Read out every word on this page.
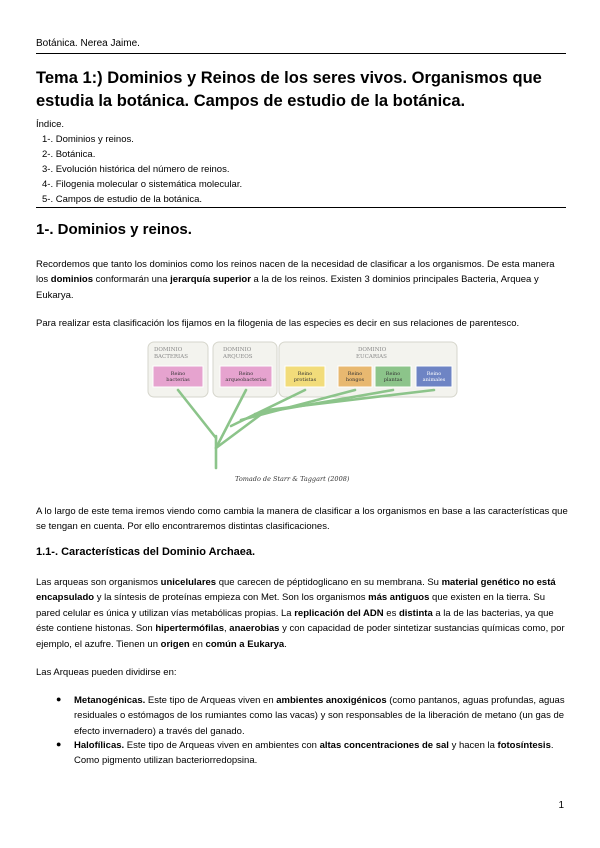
Botánica. Nerea Jaime.
Tema 1:) Dominios y Reinos de los seres vivos. Organismos que estudia la botánica. Campos de estudio de la botánica.
Índice.
1-. Dominios y reinos.
2-. Botánica.
3-. Evolución histórica del número de reinos.
4-. Filogenia molecular o sistemática molecular.
5-. Campos de estudio de la botánica.
1-. Dominios y reinos.
Recordemos que tanto los dominios como los reinos nacen de la necesidad de clasificar a los organismos. De esta manera los dominios conformarán una jerarquía superior a la de los reinos. Existen 3 dominios principales Bacteria, Arquea y Eukarya.
Para realizar esta clasificación los fijamos en la filogenia de las especies es decir en sus relaciones de parentesco.
DOMINIO
BACTERIAS
DOMINIO
ARQUEOS
DOMINIO
EUCARIAS
Reino
bacterias
Reino
arqueobacterias
Reino
protistas
Reino
hongos
Reino
plantas
Reino
animales
Tomado de Starr & Taggart (2008)
A lo largo de este tema iremos viendo como cambia la manera de clasificar a los organismos en base a las características que se tengan en cuenta. Por ello encontraremos distintas clasificaciones.
1.1-. Características del Dominio Archaea.
Las arqueas son organismos unicelulares que carecen de péptidoglicano en su membrana. Su material genético no está encapsulado y la síntesis de proteínas empieza con Met. Son los organismos más antiguos que existen en la tierra. Su pared celular es única y utilizan vías metabólicas propias. La replicación del ADN es distinta a la de las bacterias, ya que éste contiene histonas. Son hipertermófilas, anaerobias y con capacidad de poder sintetizar sustancias químicas como, por ejemplo, el azufre. Tienen un origen en común a Eukarya.
Las Arqueas pueden dividirse en:
● Metanogénicas. Este tipo de Arqueas viven en ambientes anoxigénicos (como pantanos, aguas profundas, aguas residuales o estómagos de los rumiantes como las vacas) y son responsables de la liberación de metano (un gas de efecto invernadero) a través del ganado.
● Halofílicas. Este tipo de Arqueas viven en ambientes con altas concentraciones de sal y hacen la fotosíntesis. Como pigmento utilizan bacteriorredopsina.
1
